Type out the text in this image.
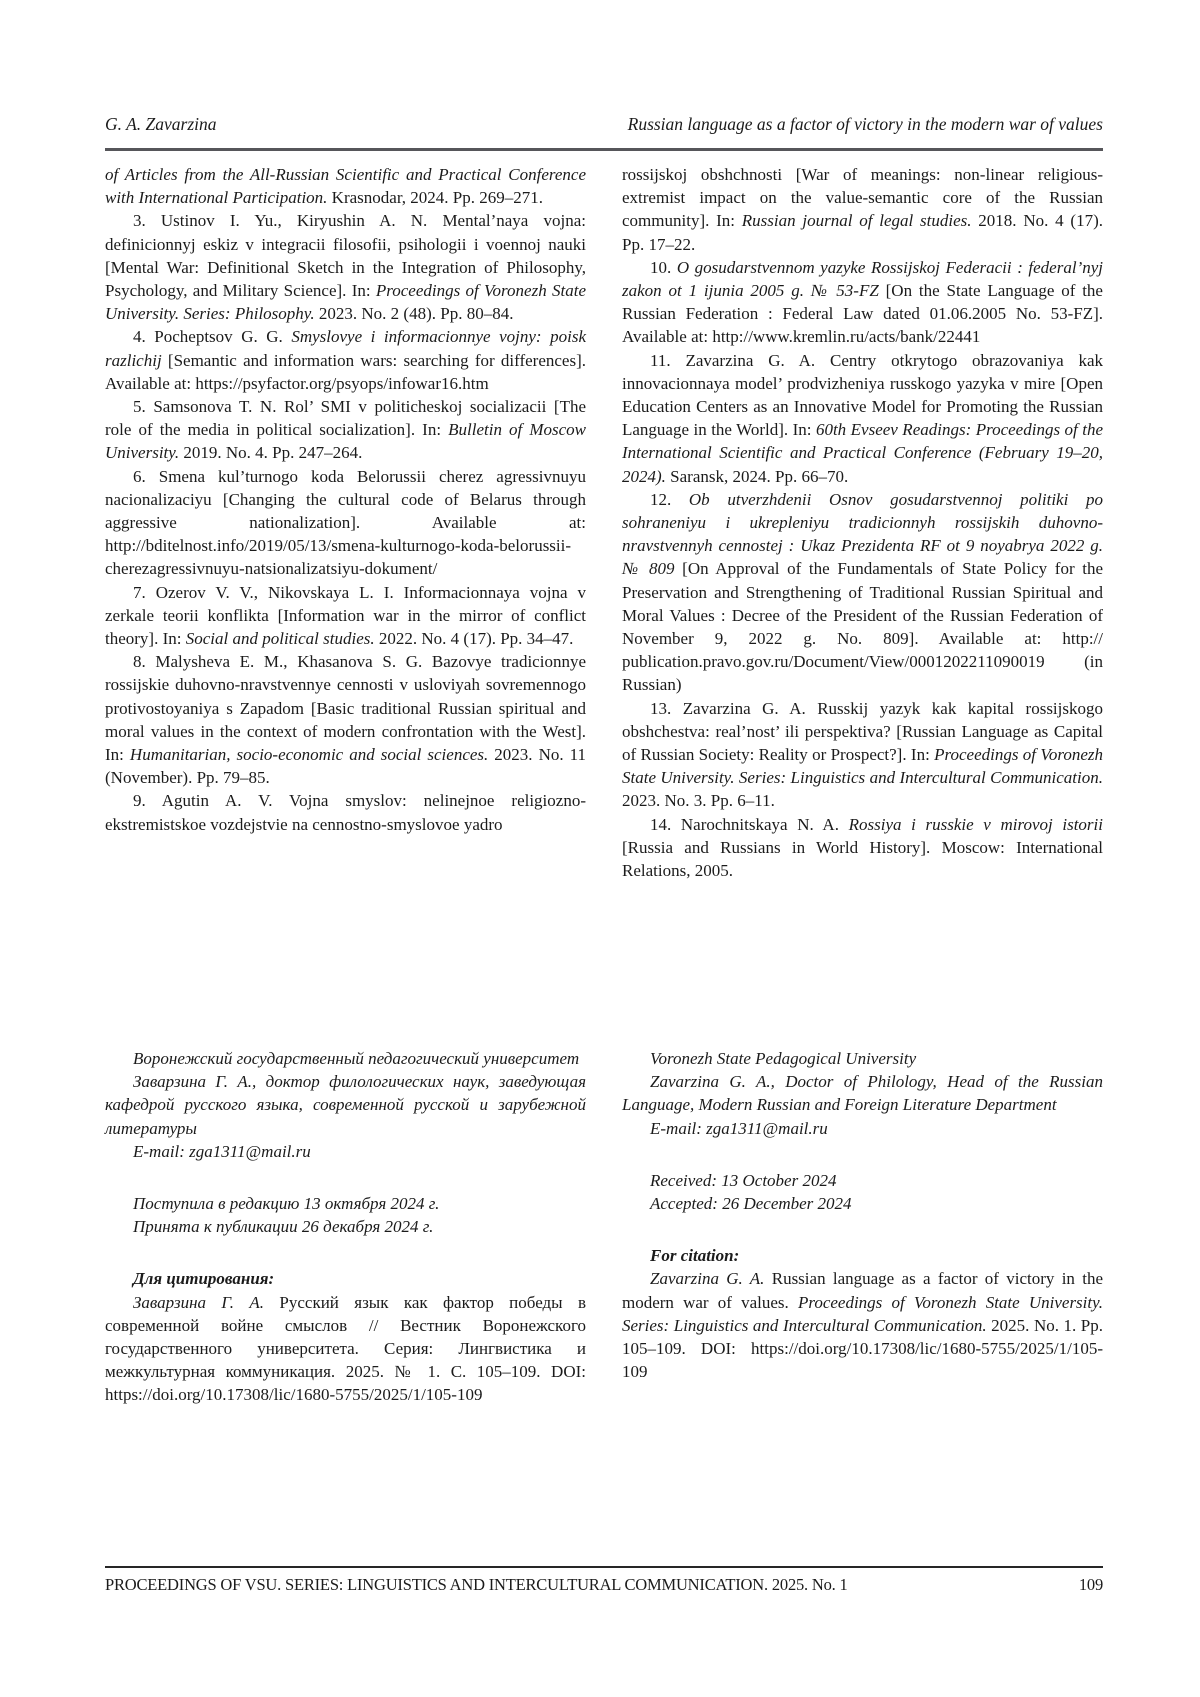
G. A. Zavarzina	Russian language as a factor of victory in the modern war of values

of Articles from the All-Russian Scientific and Practical Conference with International Participation. Krasnodar, 2024. Pp. 269–271.

3. Ustinov I. Yu., Kiryushin A. N. Mental’naya vojna: definicionnyj eskiz v integracii filosofii, psihologii i voennoj nauki [Mental War: Definitional Sketch in the Integration of Philosophy, Psychology, and Military Science]. In: Proceedings of Voronezh State University. Series: Philosophy. 2023. No. 2 (48). Pp. 80–84.

4. Pocheptsov G. G. Smyslovye i informacionnye vojny: poisk razlichij [Semantic and information wars: searching for differences]. Available at: https://psyfactor.org/psyops/infowar16.htm

5. Samsonova T. N. Rol’ SMI v politicheskoj socializacii [The role of the media in political socialization]. In: Bulletin of Moscow University. 2019. No. 4. Pp. 247–264.

6. Smena kul’turnogo koda Belorussii cherez agressivnuyu nacionalizaciyu [Changing the cultural code of Belarus through aggressive nationalization]. Available at: http://bditelnost.info/2019/05/13/smena-kulturnogo-koda-belorussii-cherezagressivnuyu-natsionalizatsiyu-dokument/

7. Ozerov V. V., Nikovskaya L. I. Informacionnaya vojna v zerkale teorii konflikta [Information war in the mirror of conflict theory]. In: Social and political studies. 2022. No. 4 (17). Pp. 34–47.

8. Malysheva E. M., Khasanova S. G. Bazovye tradicionnye rossijskie duhovno-nravstvennye cennosti v usloviyah sovremennogo protivostoyaniya s Zapadom [Basic traditional Russian spiritual and moral values in the context of modern confrontation with the West]. In: Humanitarian, socio-economic and social sciences. 2023. No. 11 (November). Pp. 79–85.

9. Agutin A. V. Vojna smyslov: nelinejnoe religiozno-ekstremistskoe vozdejstvie na cennostno-smyslovoe yadro

rossijskoj obshchnosti [War of meanings: non-linear religious-extremist impact on the value-semantic core of the Russian community]. In: Russian journal of legal studies. 2018. No. 4 (17). Pp. 17–22.

10. O gosudarstvennom yazyke Rossijskoj Federacii : federal’nyj zakon ot 1 ijunia 2005 g. № 53-FZ [On the State Language of the Russian Federation : Federal Law dated 01.06.2005 No. 53-FZ]. Available at: http://www.kremlin.ru/acts/bank/22441

11. Zavarzina G. A. Centry otkrytogo obrazovaniya kak innovacionnaya model’ prodvizheniya russkogo yazyka v mire [Open Education Centers as an Innovative Model for Promoting the Russian Language in the World]. In: 60th Evseev Readings: Proceedings of the International Scientific and Practical Conference (February 19–20, 2024). Saransk, 2024. Pp. 66–70.

12. Ob utverzhdenii Osnov gosudarstvennoj politiki po sohraneniyu i ukrepleniyu tradicionnyh rossijskih duhovno-nravstvennyh cennostej : Ukaz Prezidenta RF ot 9 noyabrya 2022 g. № 809 [On Approval of the Fundamentals of State Policy for the Preservation and Strengthening of Traditional Russian Spiritual and Moral Values : Decree of the President of the Russian Federation of November 9, 2022 g. No. 809]. Available at: http:// publication.pravo.gov.ru/Document/View/0001202211090019 (in Russian)

13. Zavarzina G. A. Russkij yazyk kak kapital rossijskogo obshchestva: real’nost’ ili perspektiva? [Russian Language as Capital of Russian Society: Reality or Prospect?]. In: Proceedings of Voronezh State University. Series: Linguistics and Intercultural Communication. 2023. No. 3. Pp. 6–11.

14. Narochnitskaya N. A. Rossiya i russkie v mirovoj istorii [Russia and Russians in World History]. Moscow: International Relations, 2005.

Воронежский государственный педагогический университет

Заварзина Г. А., доктор филологических наук, заведующая кафедрой русского языка, современной русской и зарубежной литературы

E-mail: zga1311@mail.ru

Поступила в редакцию 13 октября 2024 г.

Принята к публикации 26 декабря 2024 г.

Для цитирования:

Заварзина Г. А. Русский язык как фактор победы в современной войне смыслов // Вестник Воронежского государственного университета. Серия: Лингвистика и межкультурная коммуникация. 2025. № 1. С. 105–109. DOI: https://doi.org/10.17308/lic/1680-5755/2025/1/105-109

Voronezh State Pedagogical University

Zavarzina G. A., Doctor of Philology, Head of the Russian Language, Modern Russian and Foreign Literature Department

E-mail: zga1311@mail.ru

Received: 13 October 2024

Accepted: 26 December 2024

For citation:

Zavarzina G. A. Russian language as a factor of victory in the modern war of values. Proceedings of Voronezh State University. Series: Linguistics and Intercultural Communication. 2025. No. 1. Pp. 105–109. DOI: https://doi.org/10.17308/lic/1680-5755/2025/1/105-109

PROCEEDINGS OF VSU. SERIES: LINGUISTICS AND INTERCULTURAL COMMUNICATION. 2025. No. 1	109
